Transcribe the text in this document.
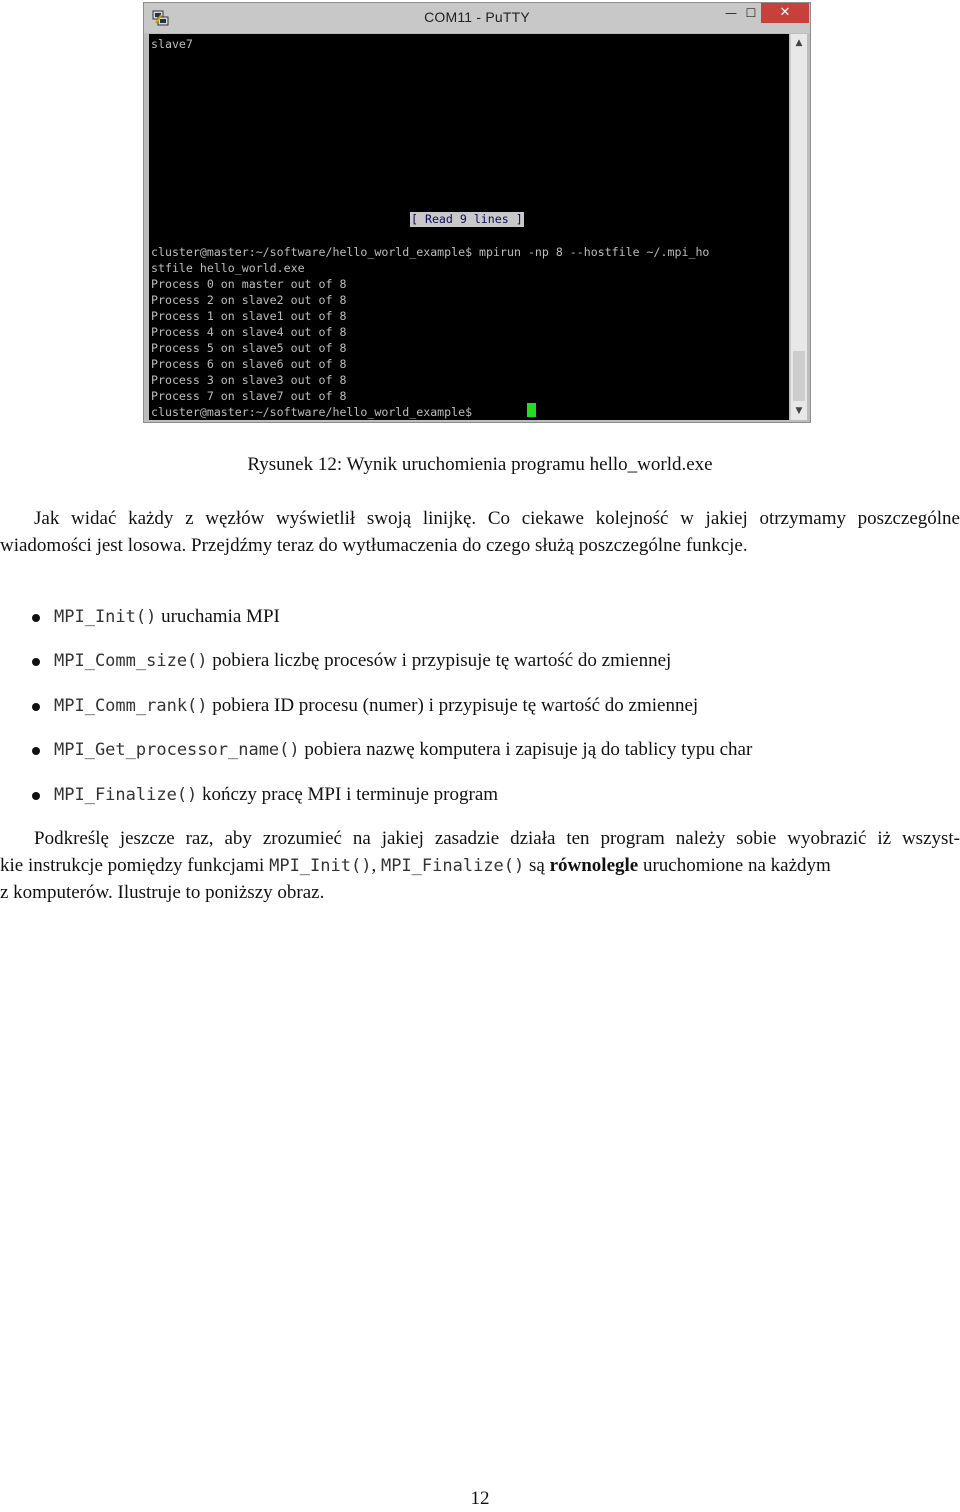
COM11 - PuTTY	— ☐	✕
slave7
[ Read 9 lines ]
cluster@master:~/software/hello_world_example$ mpirun -np 8 --hostfile ~/.mpi_ho
stfile hello_world.exe
Process 0 on master out of 8
Process 2 on slave2 out of 8
Process 1 on slave1 out of 8
Process 4 on slave4 out of 8
Process 5 on slave5 out of 8
Process 6 on slave6 out of 8
Process 3 on slave3 out of 8
Process 7 on slave7 out of 8
cluster@master:~/software/hello_world_example$
▲
▼
Rysunek 12: Wynik uruchomienia programu hello_world.exe
Jak widać każdy z węzłów wyświetlił swoją linijkę. Co ciekawe kolejność w jakiej otrzymamy poszczególne
wiadomości jest losowa. Przejdźmy teraz do wytłumaczenia do czego służą poszczególne funkcje.
MPI_Init() uruchamia MPI
MPI_Comm_size() pobiera liczbę procesów i przypisuje tę wartość do zmiennej
MPI_Comm_rank() pobiera ID procesu (numer) i przypisuje tę wartość do zmiennej
MPI_Get_processor_name() pobiera nazwę komputera i zapisuje ją do tablicy typu char
MPI_Finalize() kończy pracę MPI i terminuje program
Podkreślę jeszcze raz, aby zrozumieć na jakiej zasadzie działa ten program należy sobie wyobrazić iż wszyst-
kie instrukcje pomiędzy funkcjami MPI_Init(), MPI_Finalize() są równolegle uruchomione na każdym
z komputerów. Ilustruje to poniższy obraz.
12
